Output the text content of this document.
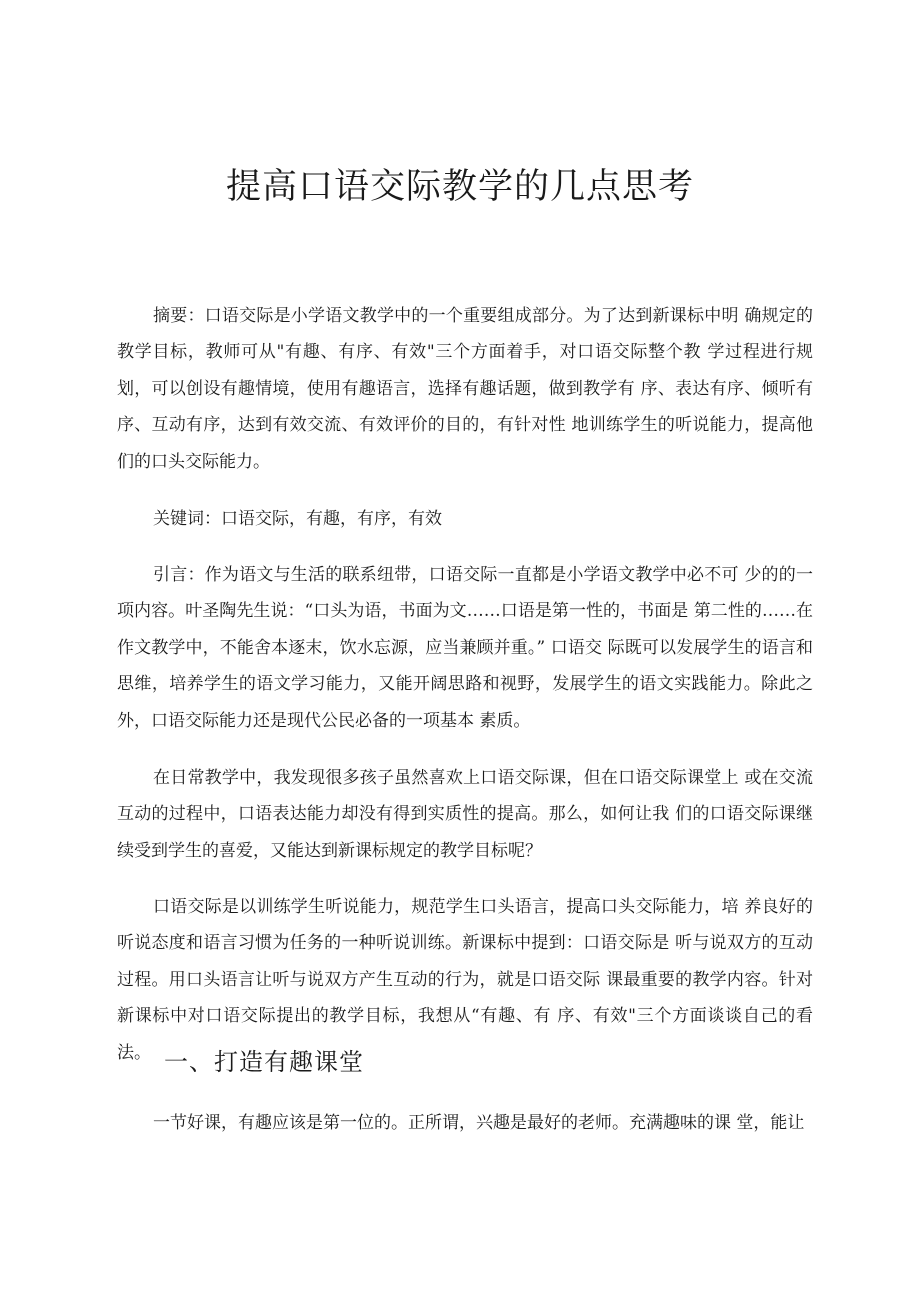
提高口语交际教学的几点思考

摘要：口语交际是小学语文教学中的一个重要组成部分。为了达到新课标中明 确规定的教学目标，教师可从"有趣、有序、有效"三个方面着手，对口语交际整个教 学过程进行规划，可以创设有趣情境，使用有趣语言，选择有趣话题，做到教学有 序、表达有序、倾听有序、互动有序，达到有效交流、有效评价的目的，有针对性 地训练学生的听说能力，提高他们的口头交际能力。

关键词：口语交际，有趣，有序，有效

引言：作为语文与生活的联系纽带，口语交际一直都是小学语文教学中必不可 少的的一项内容。叶圣陶先生说：“口头为语，书面为文……口语是第一性的，书面是 第二性的……在作文教学中，不能舍本逐末，饮水忘源，应当兼顾并重。” 口语交 际既可以发展学生的语言和思维，培养学生的语文学习能力，又能开阔思路和视野，发展学生的语文实践能力。除此之外，口语交际能力还是现代公民必备的一项基本 素质。

在日常教学中，我发现很多孩子虽然喜欢上口语交际课，但在口语交际课堂上 或在交流互动的过程中，口语表达能力却没有得到实质性的提高。那么，如何让我 们的口语交际课继续受到学生的喜爱，又能达到新课标规定的教学目标呢？

口语交际是以训练学生听说能力，规范学生口头语言，提高口头交际能力，培 养良好的听说态度和语言习惯为任务的一种听说训练。新课标中提到：口语交际是 听与说双方的互动过程。用口头语言让听与说双方产生互动的行为，就是口语交际 课最重要的教学内容。针对新课标中对口语交际提出的教学目标，我想从“有趣、有 序、有效"三个方面谈谈自己的看法。 一、打造有趣课堂

一节好课，有趣应该是第一位的。正所谓，兴趣是最好的老师。充满趣味的课 堂，能让
